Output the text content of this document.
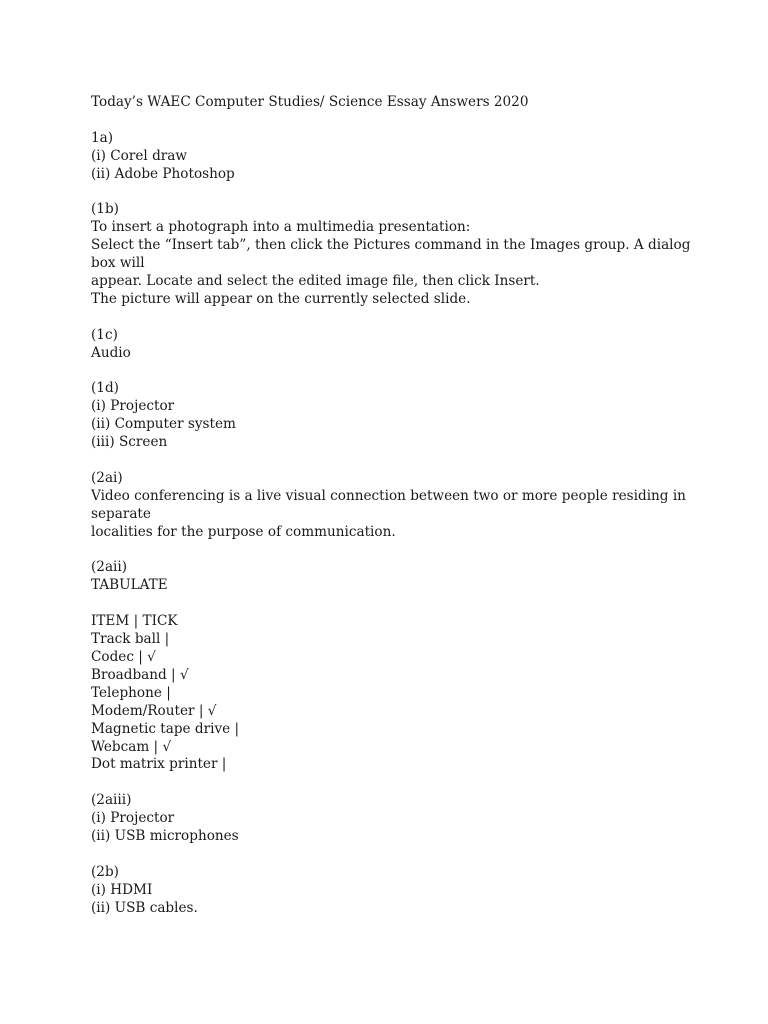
Today’s WAEC Computer Studies/ Science Essay Answers 2020
1a)
(i) Corel draw
(ii) Adobe Photoshop
(1b)
To insert a photograph into a multimedia presentation:
Select the “Insert tab”, then click the Pictures command in the Images group. A dialog box will
appear. Locate and select the edited image file, then click Insert.
The picture will appear on the currently selected slide.
(1c)
Audio
(1d)
(i) Projector
(ii) Computer system
(iii) Screen
(2ai)
Video conferencing is a live visual connection between two or more people residing in separate
localities for the purpose of communication.
(2aii)
TABULATE
ITEM | TICK
Track ball |
Codec | √
Broadband | √
Telephone |
Modem/Router | √
Magnetic tape drive |
Webcam | √
Dot matrix printer |
(2aiii)
(i) Projector
(ii) USB microphones
(2b)
(i) HDMI
(ii) USB cables.
